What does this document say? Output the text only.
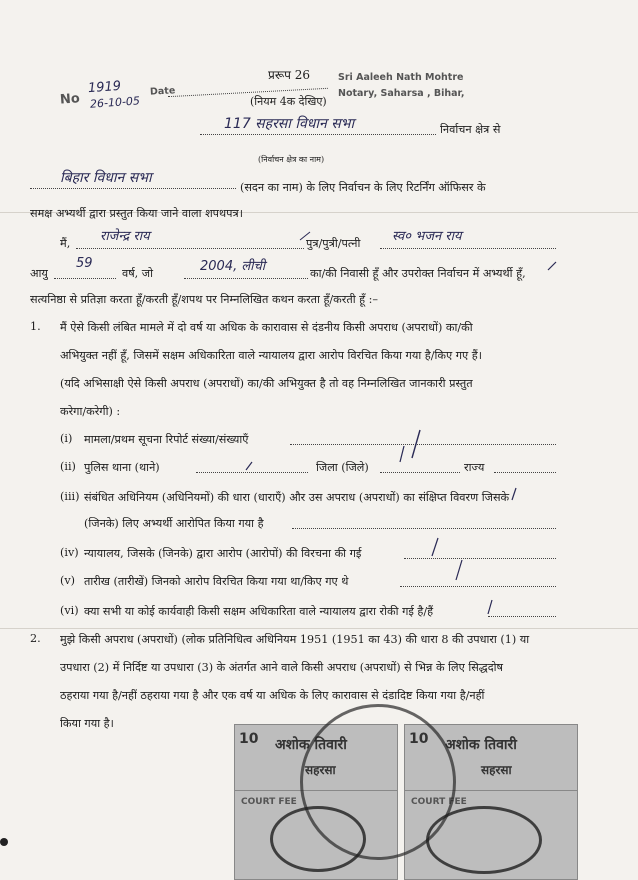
प्ररूप 26
(नियम 4क देखिए)
Sri Aaleeh Nath Mohtre
Notary, Saharsa , Bihar,
No
1919
26-10-05
Date
117 सहरसा विधान सभा	निर्वाचन क्षेत्र से
(निर्वाचन क्षेत्र का नाम)
बिहार विधान सभा
(सदन का नाम) के लिए निर्वाचन के लिए रिटर्निंग ऑफिसर के
समक्ष अभ्यर्थी द्वारा प्रस्तुत किया जाने वाला शपथपत्र।
मैं, राजेन्द्र राय	पुत्र/पुत्री/पत्नी स्व० भजन राय
आयु
59
वर्ष, जो	2004, लीची	का/की निवासी हूँ और उपरोक्त निर्वाचन में अभ्यर्थी हूँ,
सत्यनिष्ठा से प्रतिज्ञा करता हूँ/करती हूँ/शपथ पर निम्नलिखित कथन करता हूँ/करती हूँ :–
1. मैं ऐसे किसी लंबित मामले में दो वर्ष या अधिक के कारावास से दंडनीय किसी अपराध (अपराधों) का/की
अभियुक्त नहीं हूँ, जिसमें सक्षम अधिकारिता वाले न्यायालय द्वारा आरोप विरचित किया गया है/किए गए हैं।
(यदि अभिसाक्षी ऐसे किसी अपराध (अपराधों) का/की अभियुक्त है तो वह निम्नलिखित जानकारी प्रस्तुत
करेगा/करेगी) :
(i) मामला/प्रथम सूचना रिपोर्ट संख्या/संख्याएँ
(ii) पुलिस थाना (थाने)	जिला (जिले)	राज्य
(iii) संबंधित अधिनियम (अधिनियमों) की धारा (धाराएँ) और उस अपराध (अपराधों) का संक्षिप्त विवरण जिसके
(जिनके) लिए अभ्यर्थी आरोपित किया गया है
(iv) न्यायालय, जिसके (जिनके) द्वारा आरोप (आरोपों) की विरचना की गई
(v) तारीख (तारीखें) जिनको आरोप विरचित किया गया था/किए गए थे
(vi) क्या सभी या कोई कार्यवाही किसी सक्षम अधिकारिता वाले न्यायालय द्वारा रोकी गई है/हैं
2. मुझे किसी अपराध (अपराधों) (लोक प्रतिनिधित्व अधिनियम 1951 (1951 का 43) की धारा 8 की उपधारा (1) या
उपधारा (2) में निर्दिष्ट या उपधारा (3) के अंतर्गत आने वाले किसी अपराध (अपराधों) से भिन्न के लिए सिद्धदोष
ठहराया गया है/नहीं ठहराया गया है और एक वर्ष या अधिक के लिए कारावास से दंडादिष्ट किया गया है/नहीं
किया गया है।
10 अशोक तिवारी
सहरसा
10 अशोक तिवारी
सहरसा
COURT FEE	COURT FEE
